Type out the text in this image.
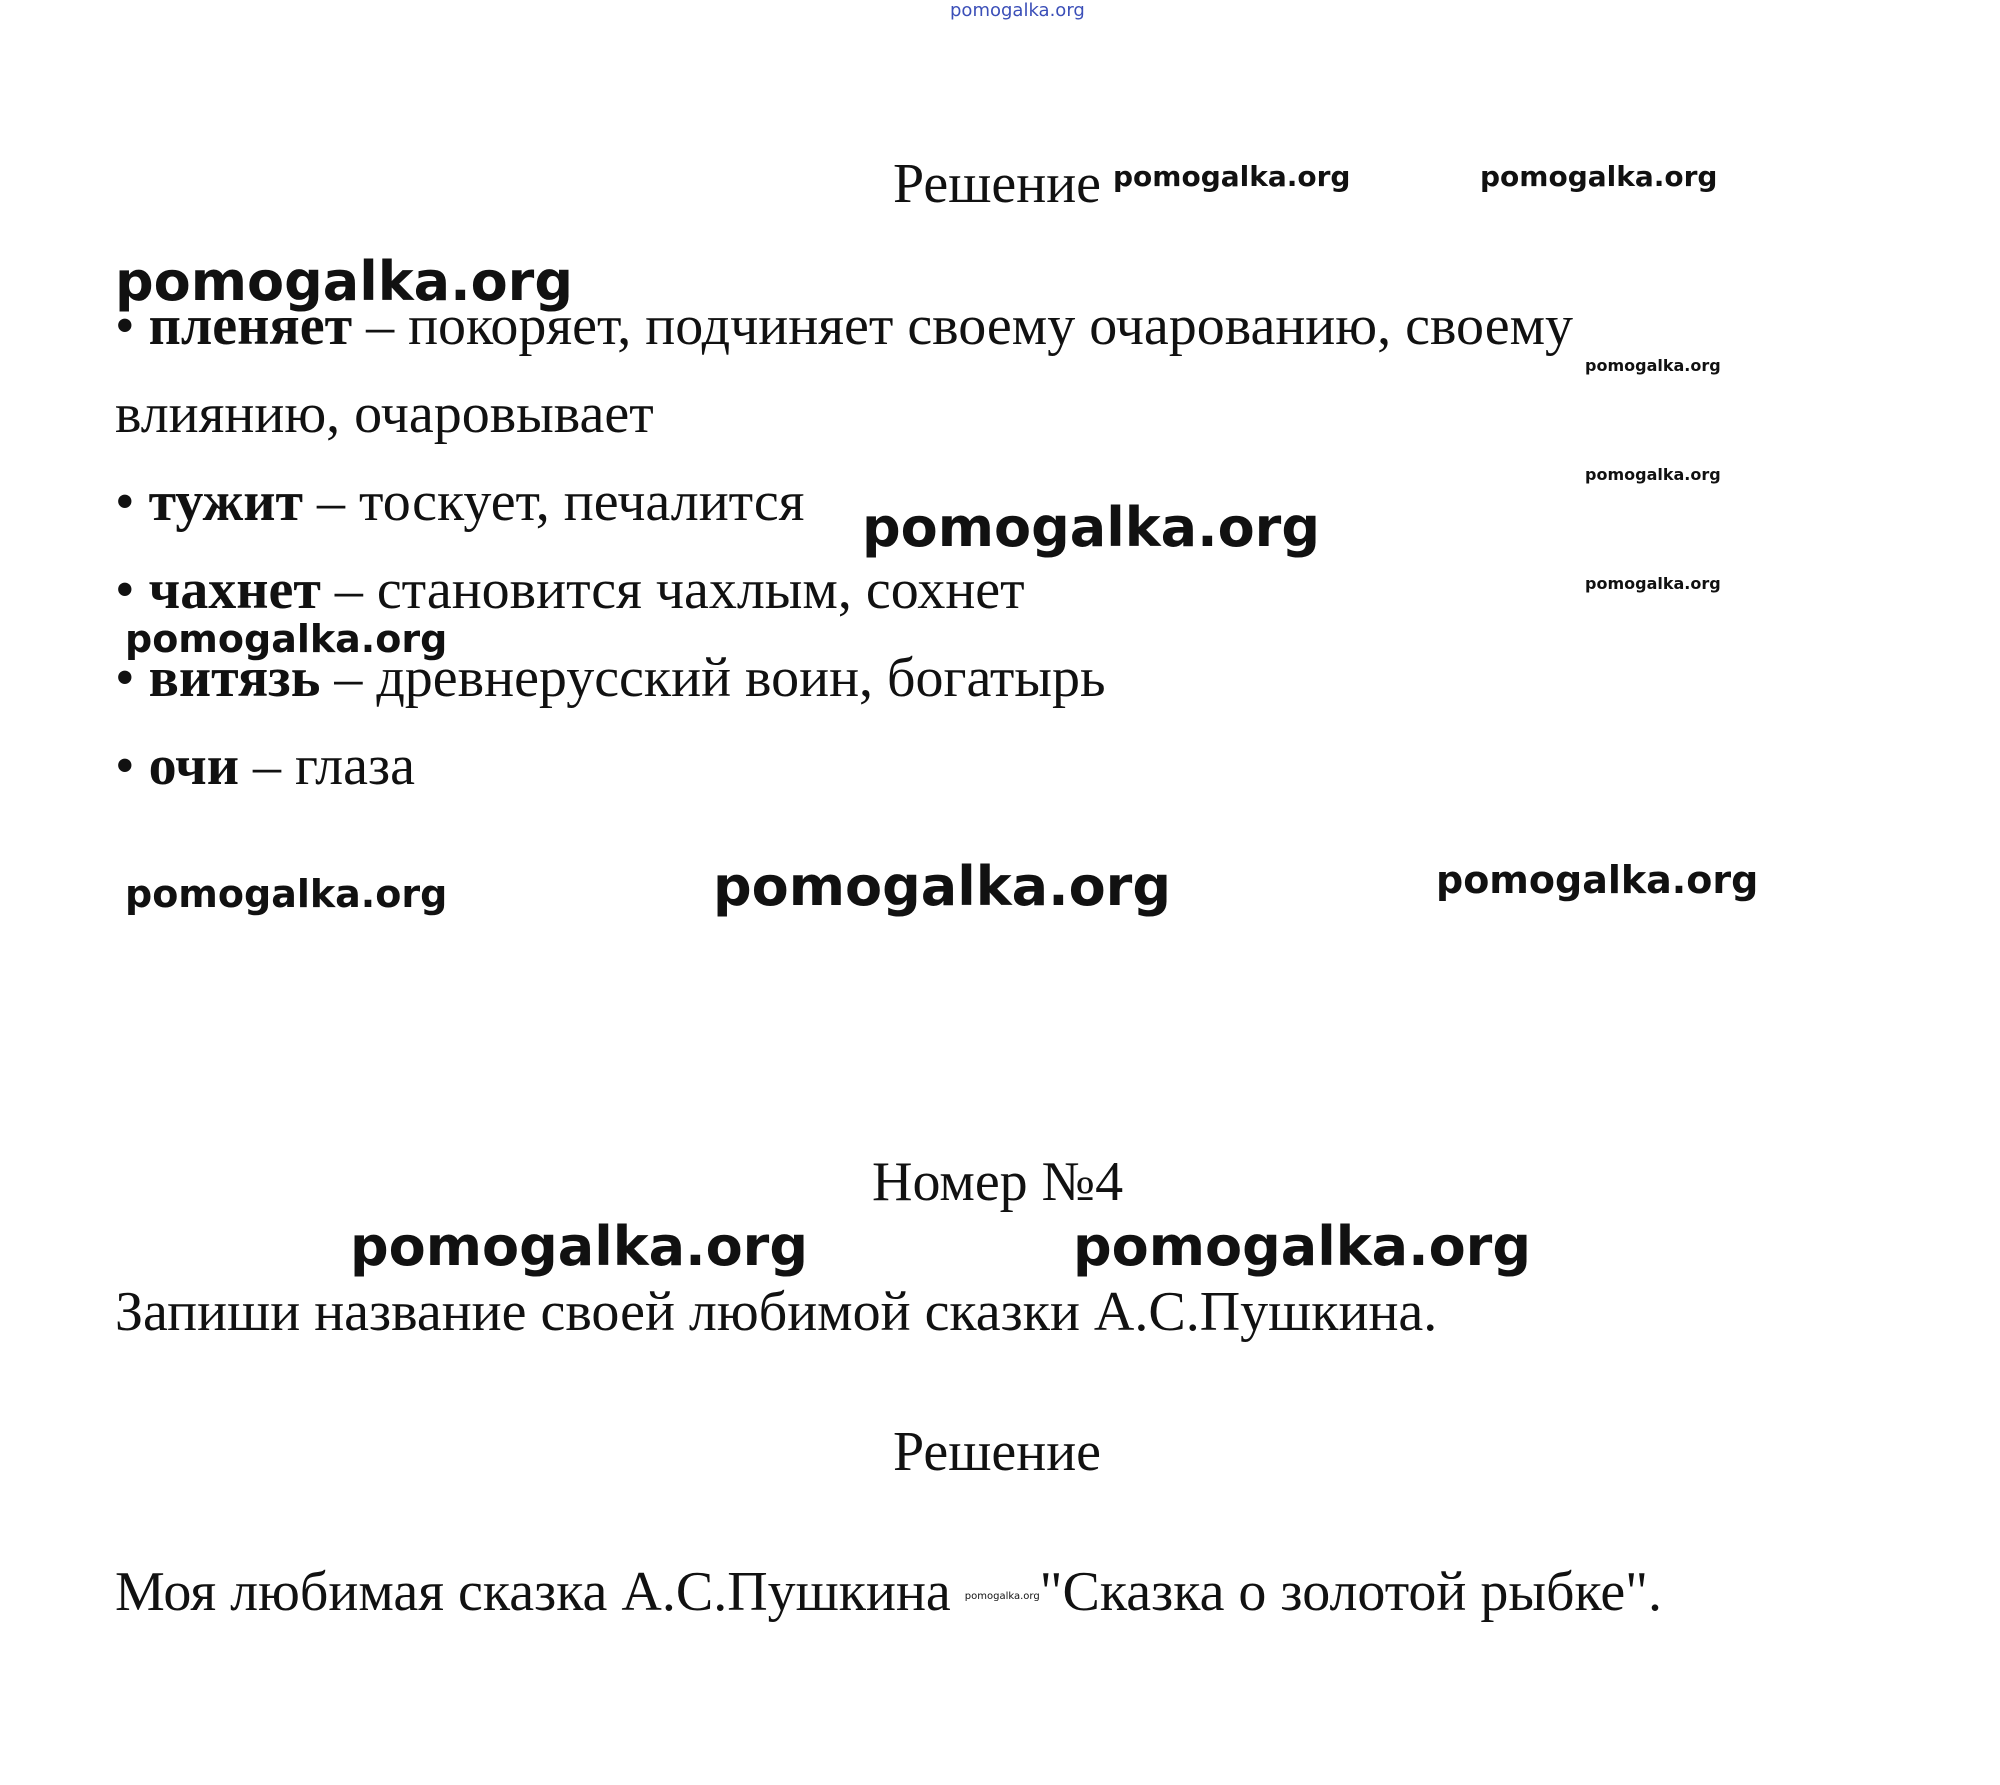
pomogalka.org
Решение
• пленяет – покоряет, подчиняет своему очарованию, своему
влиянию, очаровывает
• тужит – тоскует, печалится
• чахнет – становится чахлым, сохнет
• витязь – древнерусский воин, богатырь
• очи – глаза
Номер №4
Запиши название своей любимой сказки А.С.Пушкина.
Решение
Моя любимая сказка А.С.Пушкина pomogalka.org"Сказка о золотой рыбке".
pomogalka.org	pomogalka.org
pomogalka.org
pomogalka.org
pomogalka.org
pomogalka.org
pomogalka.org
pomogalka.org
pomogalka.org	pomogalka.org	pomogalka.org
pomogalka.org	pomogalka.org
